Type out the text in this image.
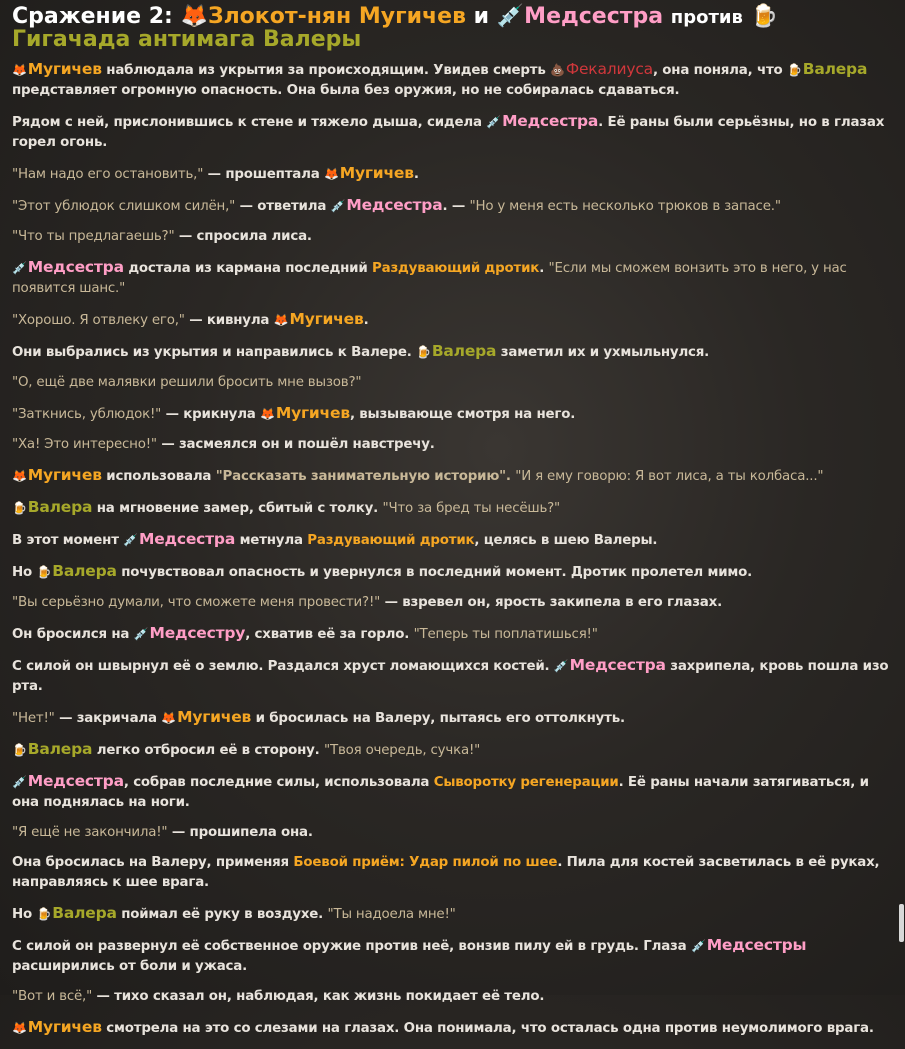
Сражение 2: 🦊Злокот-нян Мугичев и 💉Медсестра против 🍺Гигачада антимага Валеры
🦊Мугичев наблюдала из укрытия за происходящим. Увидев смерть 💩Фекалиуса, она поняла, что 🍺Валера представляет огромную опасность. Она была без оружия, но не собиралась сдаваться.
Рядом с ней, прислонившись к стене и тяжело дыша, сидела 💉Медсестра. Её раны были серьёзны, но в глазах горел огонь.
"Нам надо его остановить," — прошептала 🦊Мугичев.
"Этот ублюдок слишком силён," — ответила 💉Медсестра. — "Но у меня есть несколько трюков в запасе."
"Что ты предлагаешь?" — спросила лиса.
💉Медсестра достала из кармана последний Раздувающий дротик. "Если мы сможем вонзить это в него, у нас появится шанс."
"Хорошо. Я отвлеку его," — кивнула 🦊Мугичев.
Они выбрались из укрытия и направились к Валере. 🍺Валера заметил их и ухмыльнулся.
"О, ещё две малявки решили бросить мне вызов?"
"Заткнись, ублюдок!" — крикнула 🦊Мугичев, вызывающе смотря на него.
"Ха! Это интересно!" — засмеялся он и пошёл навстречу.
🦊Мугичев использовала "Рассказать занимательную историю". "И я ему говорю: Я вот лиса, а ты колбаса..."
🍺Валера на мгновение замер, сбитый с толку. "Что за бред ты несёшь?"
В этот момент 💉Медсестра метнула Раздувающий дротик, целясь в шею Валеры.
Но 🍺Валера почувствовал опасность и увернулся в последний момент. Дротик пролетел мимо.
"Вы серьёзно думали, что сможете меня провести?!" — взревел он, ярость закипела в его глазах.
Он бросился на 💉Медсестру, схватив её за горло. "Теперь ты поплатишься!"
С силой он швырнул её о землю. Раздался хруст ломающихся костей. 💉Медсестра захрипела, кровь пошла изо рта.
"Нет!" — закричала 🦊Мугичев и бросилась на Валеру, пытаясь его оттолкнуть.
🍺Валера легко отбросил её в сторону. "Твоя очередь, сучка!"
💉Медсестра, собрав последние силы, использовала Сыворотку регенерации. Её раны начали затягиваться, и она поднялась на ноги.
"Я ещё не закончила!" — прошипела она.
Она бросилась на Валеру, применяя Боевой приём: Удар пилой по шее. Пила для костей засветилась в её руках, направляясь к шее врага.
Но 🍺Валера поймал её руку в воздухе. "Ты надоела мне!"
С силой он развернул её собственное оружие против неё, вонзив пилу ей в грудь. Глаза 💉Медсестры расширились от боли и ужаса.
"Вот и всё," — тихо сказал он, наблюдая, как жизнь покидает её тело.
🦊Мугичев смотрела на это со слезами на глазах. Она понимала, что осталась одна против неумолимого врага.
